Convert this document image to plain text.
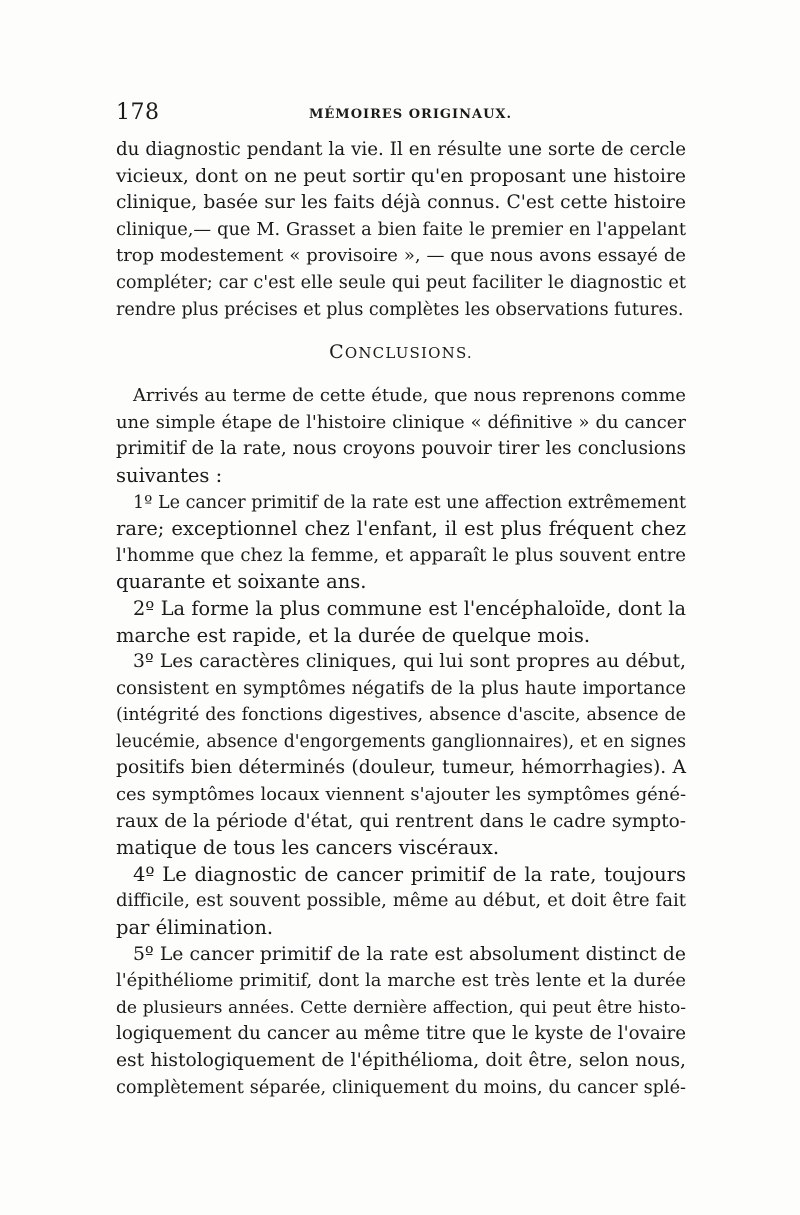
178	MÉMOIRES ORIGINAUX.
du diagnostic pendant la vie. Il en résulte une sorte de cercle
vicieux, dont on ne peut sortir qu'en proposant une histoire
clinique, basée sur les faits déjà connus. C'est cette histoire
clinique,— que M. Grasset a bien faite le premier en l'appelant
trop modestement « provisoire », — que nous avons essayé de
compléter; car c'est elle seule qui peut faciliter le diagnostic et
rendre plus précises et plus complètes les observations futures.
CONCLUSIONS.
Arrivés au terme de cette étude, que nous reprenons comme
une simple étape de l'histoire clinique « définitive » du cancer
primitif de la rate, nous croyons pouvoir tirer les conclusions
suivantes :
1º Le cancer primitif de la rate est une affection extrêmement
rare; exceptionnel chez l'enfant, il est plus fréquent chez
l'homme que chez la femme, et apparaît le plus souvent entre
quarante et soixante ans.
2º La forme la plus commune est l'encéphaloïde, dont la
marche est rapide, et la durée de quelque mois.
3º Les caractères cliniques, qui lui sont propres au début,
consistent en symptômes négatifs de la plus haute importance
(intégrité des fonctions digestives, absence d'ascite, absence de
leucémie, absence d'engorgements ganglionnaires), et en signes
positifs bien déterminés (douleur, tumeur, hémorrhagies). A
ces symptômes locaux viennent s'ajouter les symptômes géné-
raux de la période d'état, qui rentrent dans le cadre sympto-
matique de tous les cancers viscéraux.
4º Le diagnostic de cancer primitif de la rate, toujours
difficile, est souvent possible, même au début, et doit être fait
par élimination.
5º Le cancer primitif de la rate est absolument distinct de
l'épithéliome primitif, dont la marche est très lente et la durée
de plusieurs années. Cette dernière affection, qui peut être histo-
logiquement du cancer au même titre que le kyste de l'ovaire
est histologiquement de l'épithélioma, doit être, selon nous,
complètement séparée, cliniquement du moins, du cancer splé-
